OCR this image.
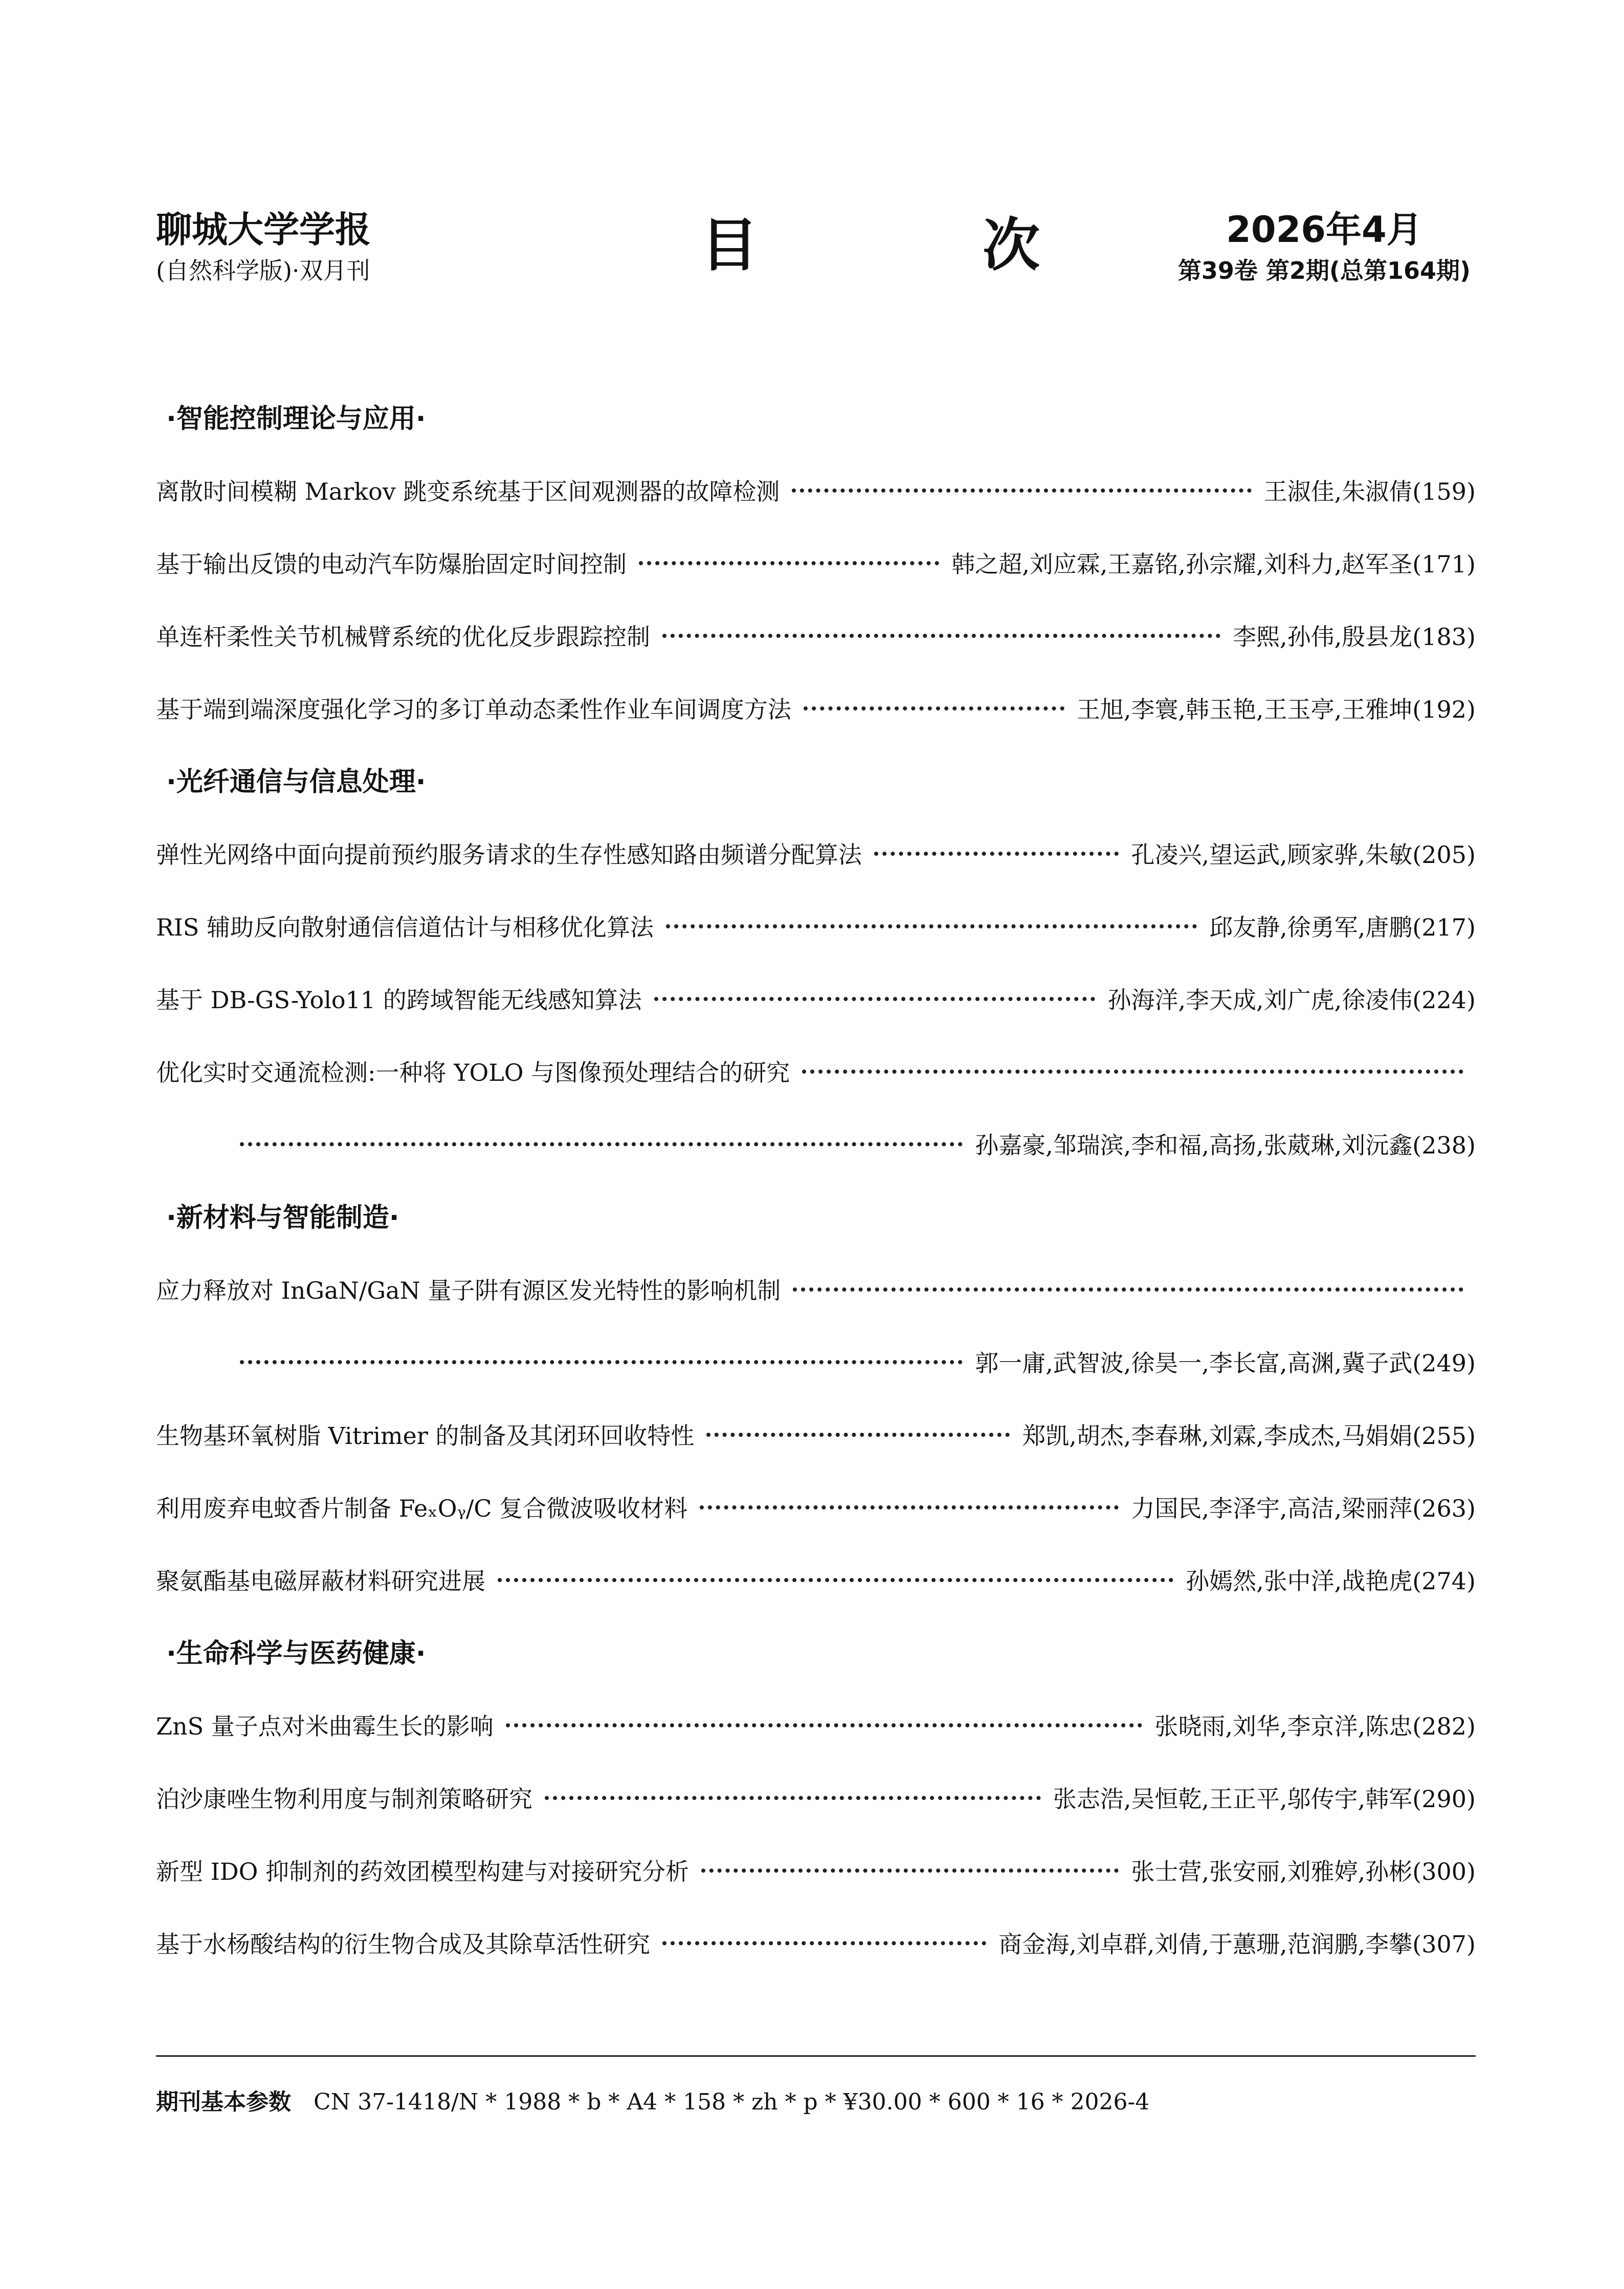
聊城大学学报
(自然科学版)·双月刊	目 次	2026年4月
第39卷 第2期(总第164期)
·智能控制理论与应用·
离散时间模糊 Markov 跳变系统基于区间观测器的故障检测	王淑佳,朱淑倩(159)
基于输出反馈的电动汽车防爆胎固定时间控制	韩之超,刘应霖,王嘉铭,孙宗耀,刘科力,赵军圣(171)
单连杆柔性关节机械臂系统的优化反步跟踪控制	李熙,孙伟,殷县龙(183)
基于端到端深度强化学习的多订单动态柔性作业车间调度方法	王旭,李寰,韩玉艳,王玉亭,王雅坤(192)
·光纤通信与信息处理·
弹性光网络中面向提前预约服务请求的生存性感知路由频谱分配算法	孔凌兴,望运武,顾家骅,朱敏(205)
RIS 辅助反向散射通信信道估计与相移优化算法	邱友静,徐勇军,唐鹏(217)
基于 DB-GS-Yolo11 的跨域智能无线感知算法	孙海洋,李天成,刘广虎,徐凌伟(224)
优化实时交通流检测:一种将 YOLO 与图像预处理结合的研究
孙嘉豪,邹瑞滨,李和福,高扬,张葳琳,刘沅鑫(238)
·新材料与智能制造·
应力释放对 InGaN/GaN 量子阱有源区发光特性的影响机制
郭一庸,武智波,徐昊一,李长富,高渊,冀子武(249)
生物基环氧树脂 Vitrimer 的制备及其闭环回收特性	郑凯,胡杰,李春琳,刘霖,李成杰,马娟娟(255)
利用废弃电蚊香片制备 FeₓOᵧ/C 复合微波吸收材料	力国民,李泽宇,高洁,梁丽萍(263)
聚氨酯基电磁屏蔽材料研究进展	孙嫣然,张中洋,战艳虎(274)
·生命科学与医药健康·
ZnS 量子点对米曲霉生长的影响	张晓雨,刘华,李京洋,陈忠(282)
泊沙康唑生物利用度与制剂策略研究	张志浩,吴恒乾,王正平,邬传宇,韩军(290)
新型 IDO 抑制剂的药效团模型构建与对接研究分析	张士营,张安丽,刘雅婷,孙彬(300)
基于水杨酸结构的衍生物合成及其除草活性研究	商金海,刘卓群,刘倩,于蕙珊,范润鹏,李攀(307)
期刊基本参数 CN 37-1418/N * 1988 * b * A4 * 158 * zh * p * ¥30.00 * 600 * 16 * 2026-4
